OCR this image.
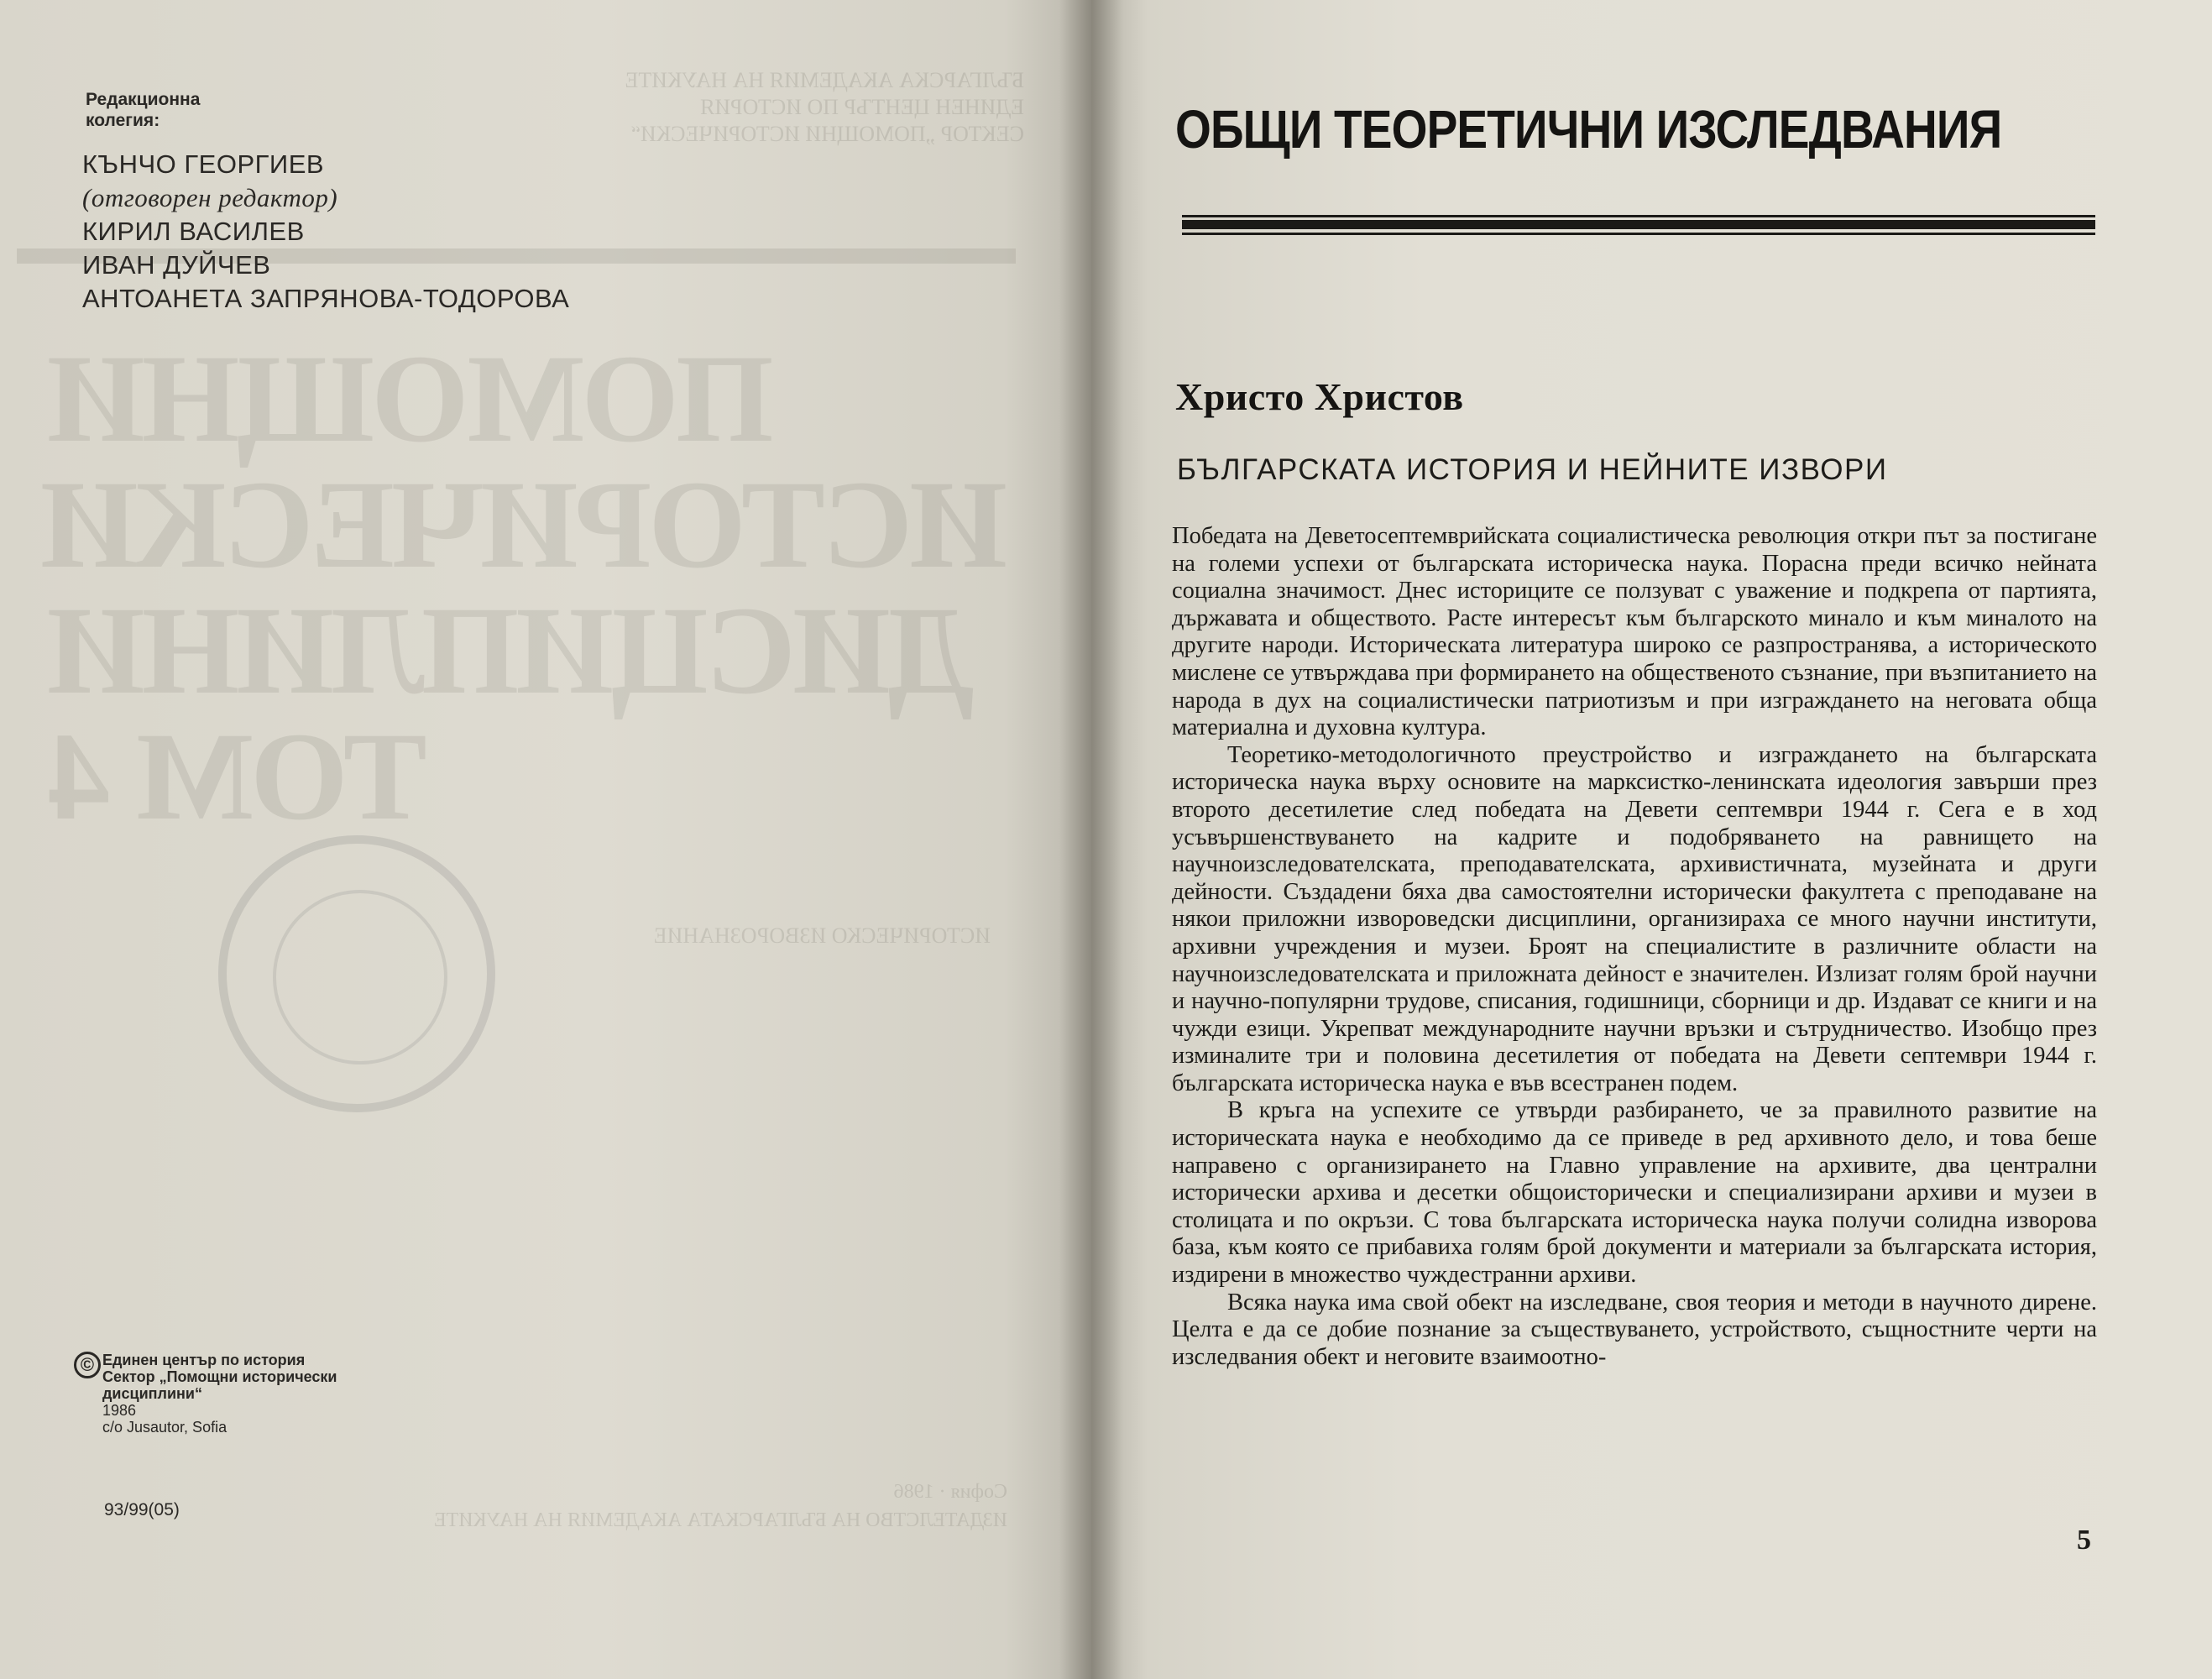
БЪЛГАРСКА АКАДЕМИЯ НА НАУКИТЕ
ЕДИНЕН ЦЕНТЪР ПО ИСТОРИЯ
СЕКТОР „ПОМОЩНИ ИСТОРИЧЕСКИ“
ПОМОЩНИ
ИСТОРИЧЕСКИ
ДИСЦИПЛИНИ
ТОМ 4
ИСТОРИЧЕСКО ИЗВОРОЗНАНИЕ
София · 1986
ИЗДАТЕЛСТВО НА БЪЛГАРСКАТА АКАДЕМИЯ НА НАУКИТЕ
Редакционна колегия:
КЪНЧО ГЕОРГИЕВ
(отговорен редактор)
КИРИЛ ВАСИЛЕВ
ИВАН ДУЙЧЕВ
АНТОАНЕТА ЗАПРЯНОВА-ТОДОРОВА
© Единен център по история
Сектор „Помощни исторически
дисциплини“
1986
c/o Jusautor, Sofia
93/99(05)
ОБЩИ ТЕОРЕТИЧНИ ИЗСЛЕДВАНИЯ
Христо Христов
БЪЛГАРСКАТА ИСТОРИЯ И НЕЙНИТЕ ИЗВОРИ

Победата на Деветосептемврийската социалистическа революция откри път за постигане на големи успехи от българската историческа наука. Порасна преди всичко нейната социална значимост. Днес историците се ползуват с уважение и подкрепа от партията, държавата и обществото. Расте интересът към българското минало и към миналото на другите народи. Историческата литература широко се разпространява, а историческото мислене се утвърждава при формирането на общественото съзнание, при възпитанието на народа в дух на социалистически патриотизъм и при изграждането на неговата обща материална и духовна култура.

Теоретико-методологичното преустройство и изграждането на българската историческа наука върху основите на марксистко-ленинската идеология завърши през второто десетилетие след победата на Девети септември 1944 г. Сега е в ход усъвършенствуването на кадрите и подобряването на равнището на научноизследователската, преподавателската, архивистичната, музейната и други дейности. Създадени бяха два самостоятелни исторически факултета с преподаване на някои приложни извороведски дисциплини, организираха се много научни институти, архивни учреждения и музеи. Броят на специалистите в различните области на научноизследователската и приложната дейност е значителен. Излизат голям брой научни и научно-популярни трудове, списания, годишници, сборници и др. Издават се книги и на чужди езици. Укрепват международните научни връзки и сътрудничество. Изобщо през изминалите три и половина десетилетия от победата на Девети септември 1944 г. българската историческа наука е във всестранен подем.

В кръга на успехите се утвърди разбирането, че за правилното развитие на историческата наука е необходимо да се приведе в ред архивното дело, и това беше направено с организирането на Главно управление на архивите, два централни исторически архива и десетки общоисторически и специализирани архиви и музеи в столицата и по окръзи. С това българската историческа наука получи солидна изворова база, към която се прибавиха голям брой документи и материали за българската история, издирени в множество чуждестранни архиви.

Всяка наука има свой обект на изследване, своя теория и методи в научното дирене. Целта е да се добие познание за съществуването, устройството, същностните черти на изследвания обект и неговите взаимоотно-

5
